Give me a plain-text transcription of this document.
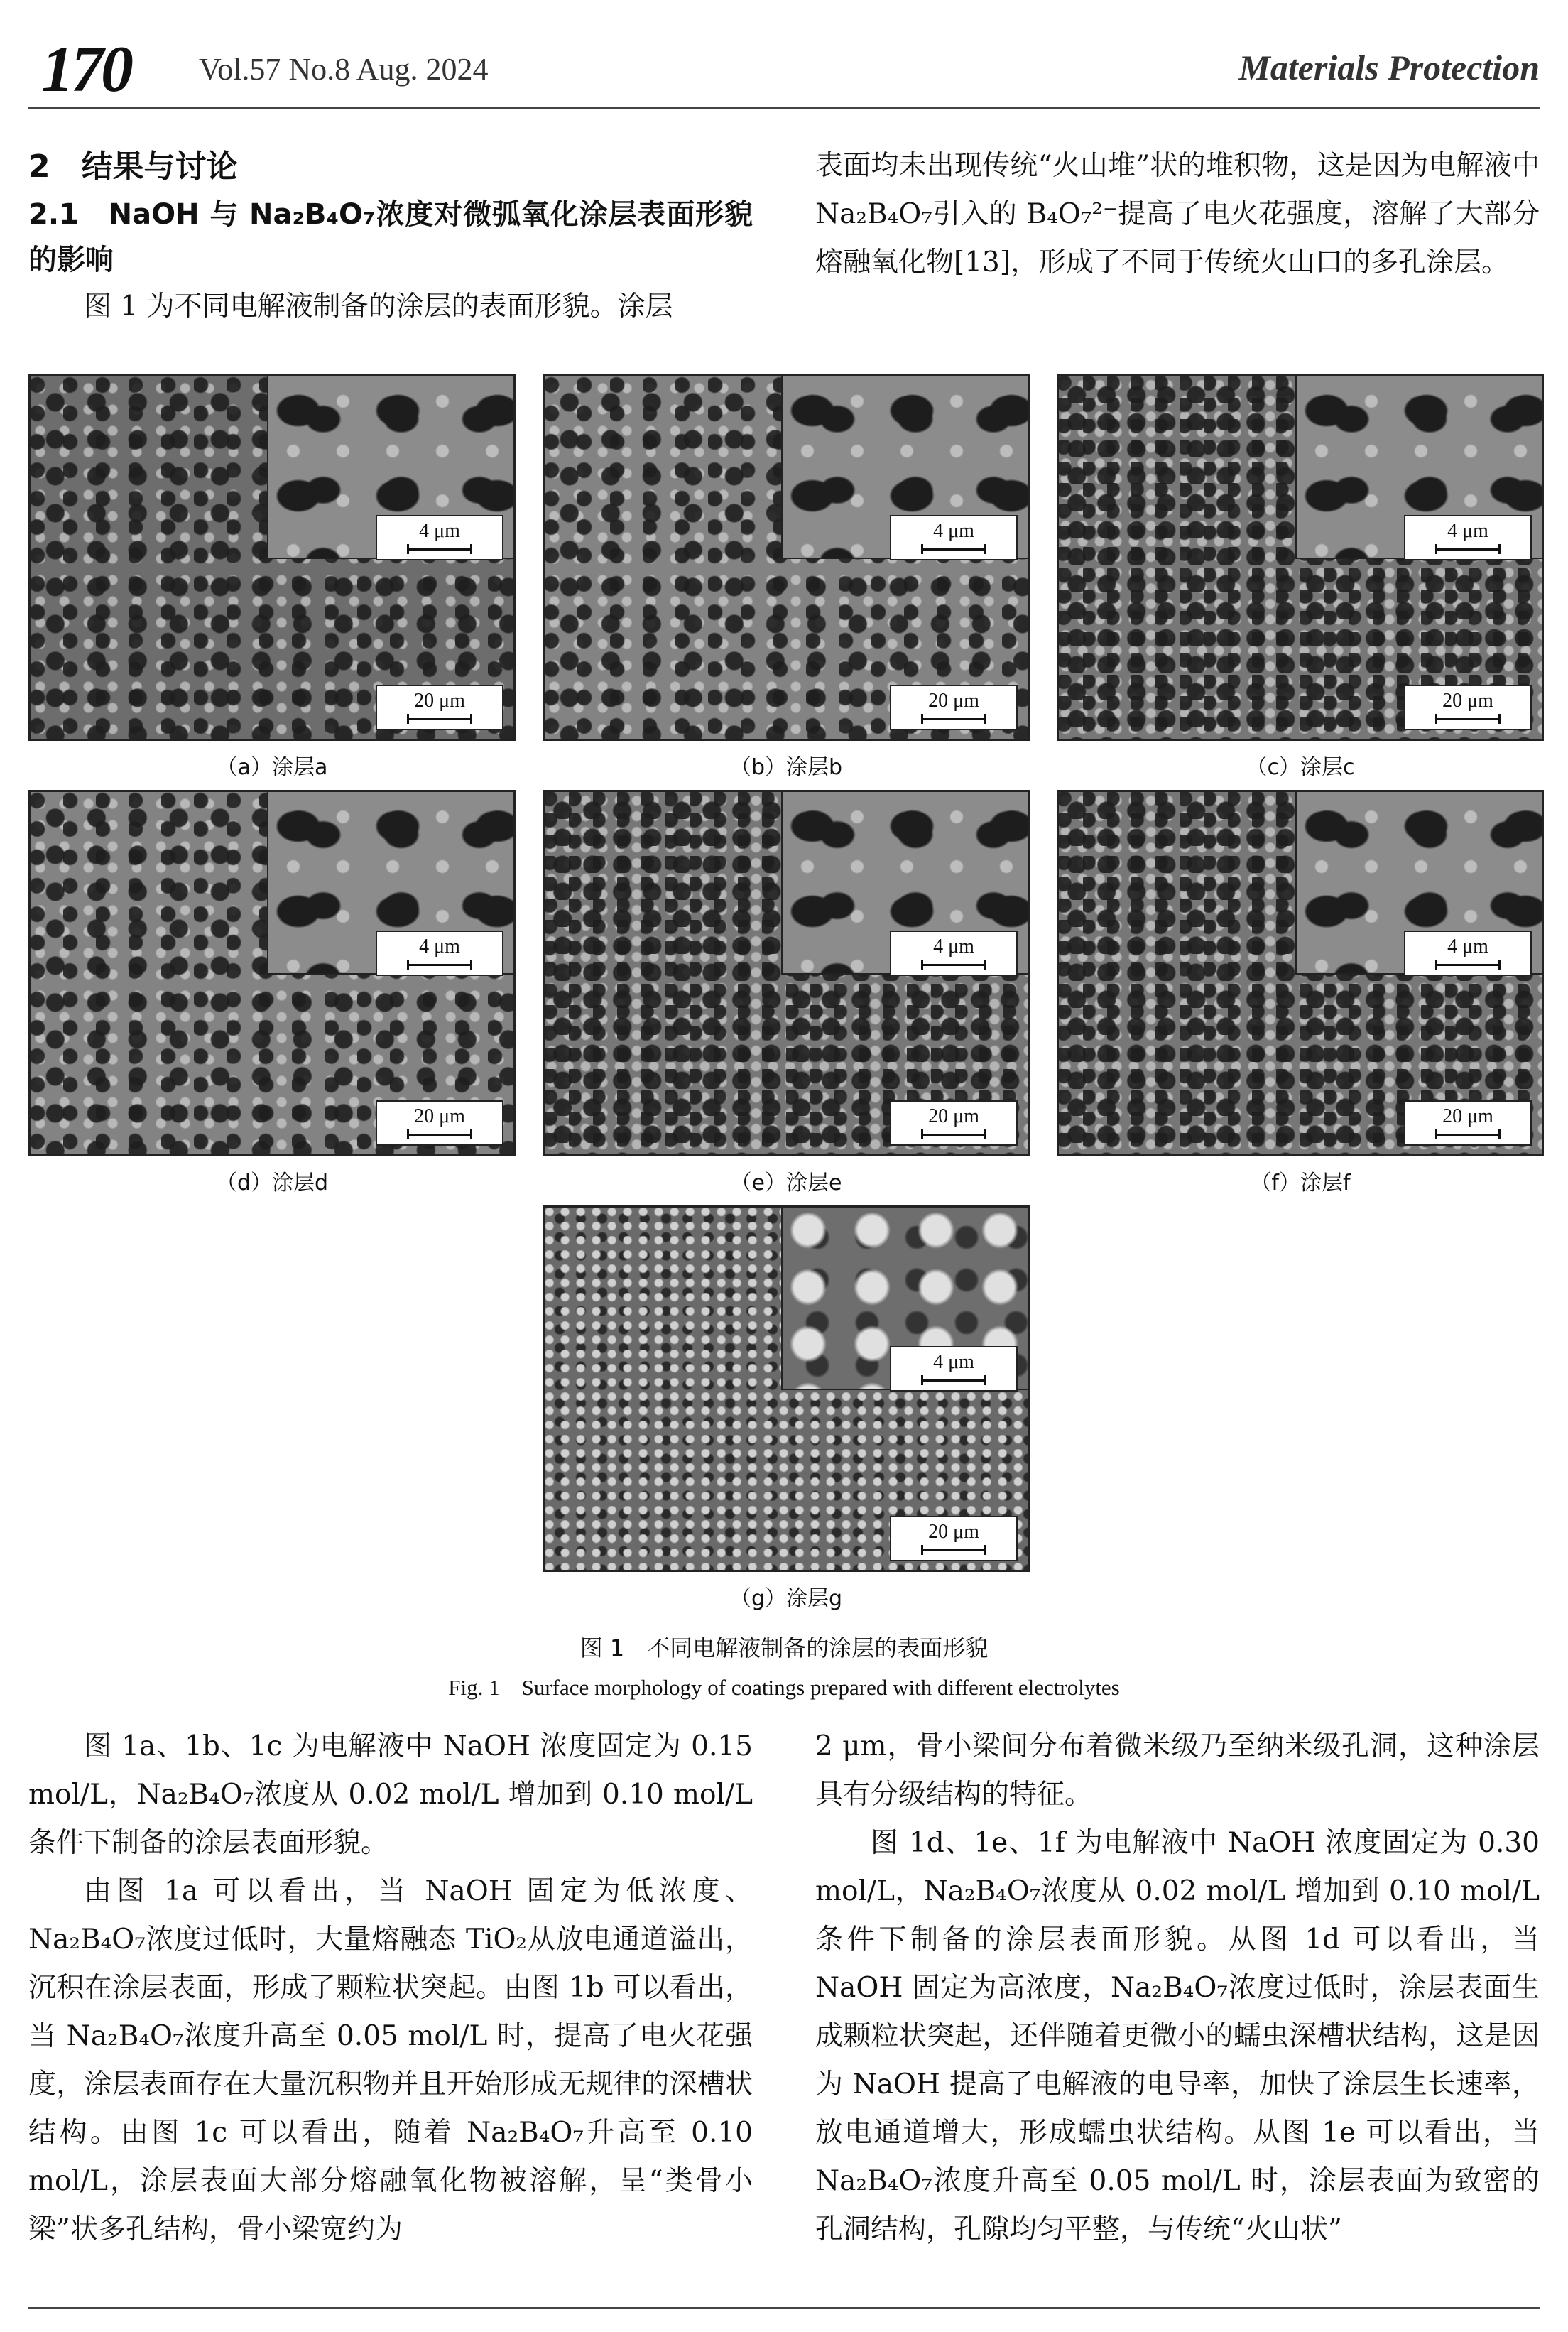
170 Vol.57 No.8 Aug. 2024	Materials Protection
2　结果与讨论
2.1　NaOH 与 Na₂B₄O₇浓度对微弧氧化涂层表面形貌的影响

图 1 为不同电解液制备的涂层的表面形貌。涂层

表面均未出现传统“火山堆”状的堆积物，这是因为电解液中 Na₂B₄O₇引入的 B₄O₇²⁻提高了电火花强度，溶解了大部分熔融氧化物[13]，形成了不同于传统火山口的多孔涂层。

4 μm
20 μm
4 μm
20 μm
4 μm
20 μm
（a）涂层a	（b）涂层b	（c）涂层c
4 μm
20 μm
4 μm
20 μm
4 μm
20 μm
（d）涂层d	（e）涂层e	（f）涂层f
4 μm
20 μm
（g）涂层g
图 1　不同电解液制备的涂层的表面形貌
Fig. 1　Surface morphology of coatings prepared with different electrolytes

图 1a、1b、1c 为电解液中 NaOH 浓度固定为 0.15 mol/L，Na₂B₄O₇浓度从 0.02 mol/L 增加到 0.10 mol/L 条件下制备的涂层表面形貌。

由图 1a 可以看出，当 NaOH 固定为低浓度、Na₂B₄O₇浓度过低时，大量熔融态 TiO₂从放电通道溢出，沉积在涂层表面，形成了颗粒状突起。由图 1b 可以看出，当 Na₂B₄O₇浓度升高至 0.05 mol/L 时，提高了电火花强度，涂层表面存在大量沉积物并且开始形成无规律的深槽状结构。由图 1c 可以看出，随着 Na₂B₄O₇升高至 0.10 mol/L，涂层表面大部分熔融氧化物被溶解，呈“类骨小梁”状多孔结构，骨小梁宽约为

2 μm，骨小梁间分布着微米级乃至纳米级孔洞，这种涂层具有分级结构的特征。

图 1d、1e、1f 为电解液中 NaOH 浓度固定为 0.30 mol/L，Na₂B₄O₇浓度从 0.02 mol/L 增加到 0.10 mol/L 条件下制备的涂层表面形貌。从图 1d 可以看出，当 NaOH 固定为高浓度，Na₂B₄O₇浓度过低时，涂层表面生成颗粒状突起，还伴随着更微小的蠕虫深槽状结构，这是因为 NaOH 提高了电解液的电导率，加快了涂层生长速率，放电通道增大，形成蠕虫状结构。从图 1e 可以看出，当 Na₂B₄O₇浓度升高至 0.05 mol/L 时，涂层表面为致密的孔洞结构，孔隙均匀平整，与传统“火山状”
